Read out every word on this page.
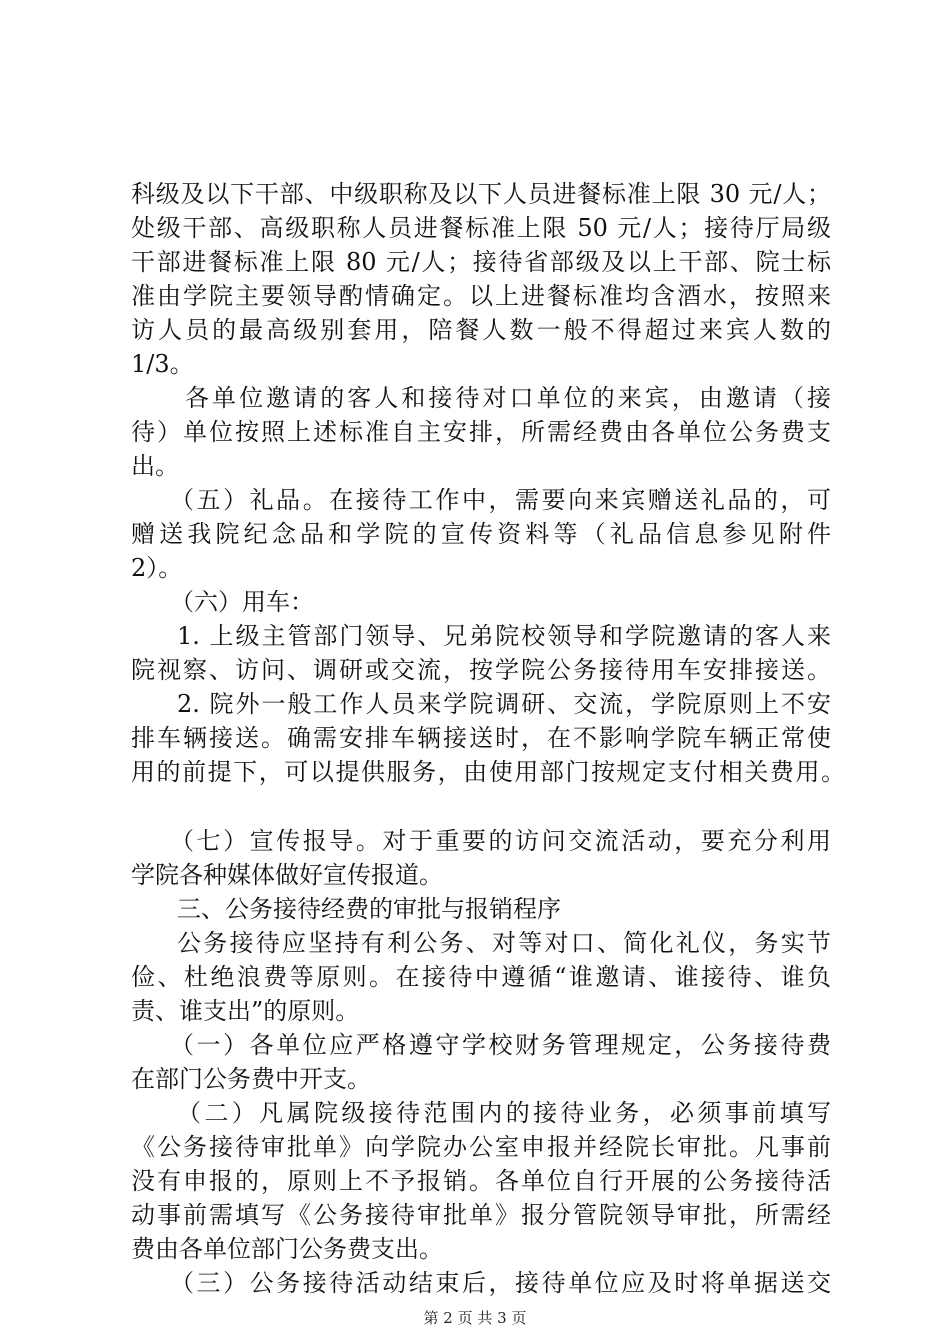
科级及以下干部、中级职称及以下人员进餐标准上限 30 元/人；
处级干部、高级职称人员进餐标准上限 50 元/人；接待厅局级
干部进餐标准上限 80 元/人；接待省部级及以上干部、院士标
准由学院主要领导酌情确定。以上进餐标准均含酒水，按照来
访人员的最高级别套用，陪餐人数一般不得超过来宾人数的
1/3。
各单位邀请的客人和接待对口单位的来宾，由邀请（接
待）单位按照上述标准自主安排，所需经费由各单位公务费支
出。
（五）礼品。在接待工作中，需要向来宾赠送礼品的，可
赠送我院纪念品和学院的宣传资料等（礼品信息参见附件
2）。
（六）用车：
1. 上级主管部门领导、兄弟院校领导和学院邀请的客人来
院视察、访问、调研或交流，按学院公务接待用车安排接送。
2. 院外一般工作人员来学院调研、交流，学院原则上不安
排车辆接送。确需安排车辆接送时，在不影响学院车辆正常使
用的前提下，可以提供服务，由使用部门按规定支付相关费用。
（七）宣传报导。对于重要的访问交流活动，要充分利用
学院各种媒体做好宣传报道。
三、公务接待经费的审批与报销程序
公务接待应坚持有利公务、对等对口、简化礼仪，务实节
俭、杜绝浪费等原则。在接待中遵循“谁邀请、谁接待、谁负
责、谁支出”的原则。
（一）各单位应严格遵守学校财务管理规定，公务接待费
在部门公务费中开支。
（二）凡属院级接待范围内的接待业务，必须事前填写
《公务接待审批单》向学院办公室申报并经院长审批。凡事前
没有申报的，原则上不予报销。各单位自行开展的公务接待活
动事前需填写《公务接待审批单》报分管院领导审批，所需经
费由各单位部门公务费支出。
（三）公务接待活动结束后，接待单位应及时将单据送交
第 2 页 共 3 页
